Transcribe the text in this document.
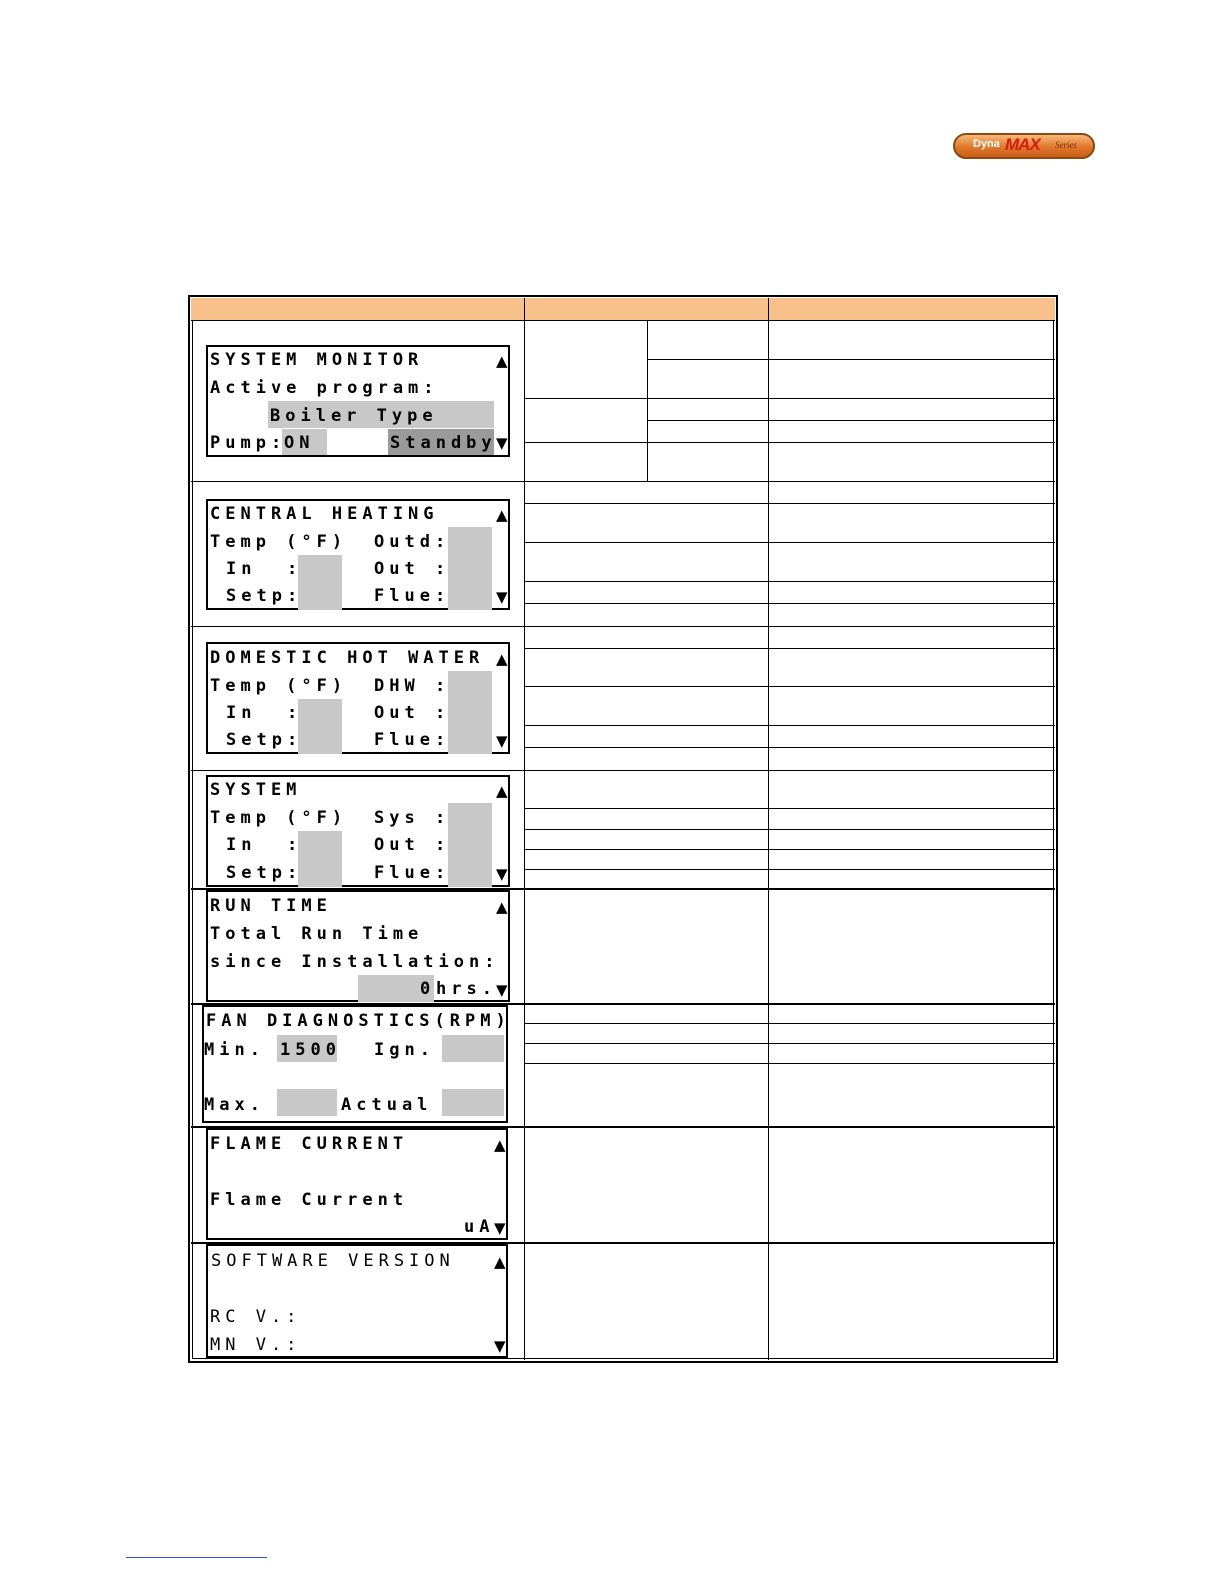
Dyna MAX Series
SYSTEM MONITOR
Active program:
Boiler Type
Pump:
ON	Standby
▲
▼
CENTRAL HEATING
Temp (°F) Outd:
In  :	Out :
Setp:	Flue:
▲
▼
DOMESTIC HOT WATER
Temp (°F) DHW :
In  :	Out :
Setp:	Flue:
▲
▼
SYSTEM
Temp (°F) Sys :
In  :	Out :
Setp:	Flue:
▲
▼
RUN TIME
Total Run Time
since Installation:
0 hrs.
▲
▼
FAN DIAGNOSTICS(RPM)
Min. 1500 Ign.
Max.	Actual
FLAME CURRENT
Flame Current
uA
▲
▼
SOFTWARE VERSION
RC V.:
MN V.:
▲
▼
